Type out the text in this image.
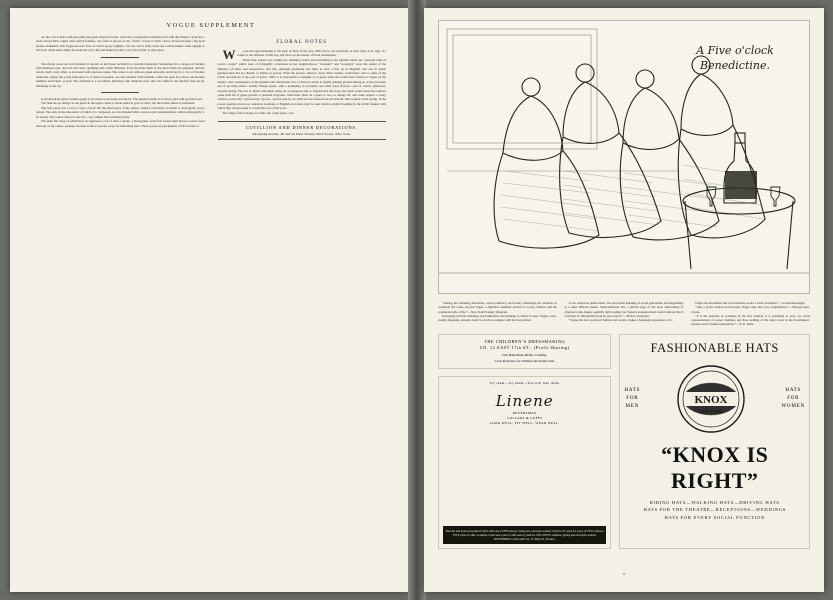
VOGUE SUPPLEMENT

out the coat is lined with pale pink and green striped brocade. A hat that corresponds extremely well with this Empire cloak has a wide curved brim, edged with ostrich feathers, and what is known as the “turtle” crown of black velvet, drawn through a big gold buckle enamelled with forget-me-nots. Ears of velvet project slightly over the velvet brim, brim and ostrich plumes stand upright at the back, while satin strings tie under the rosy chin and make my lady a very fair picture to gaze upon.

She always wears her watch pinned to the left on her breast and held by a jewelled chatelain. Sometimes it is a dragon of chicken with diamond eyes, and tail and claws sparkling with white brilliants. Even the three links of the short chain are gemmed, and the watch, itself a tiny affair, is encrusted with precious stones. The centre is set with sea green emeralds, encircled by a row of flawless diamonds. Again, her costly time-piece is of dark red enamel, one side studded with brilliants, while the open face shows the Roman numbers and hands of gold. The chatelain is a red shield, glittering with diamond stars, that also shine in the fanciful fleur-de-lys finishings at the top.

Gold and silver garter buckles (page 5) are made in every known device. The serpent buckle is of heavy gold with jewelled eyes.

The fleur-de-lys design on the garter in the upper corner is made either in gold or silver, but the former metal is preferable.

The next garter has a rococo clasp of gold. On the small piece of the surface which is left plain, an initial or monogram can be placed. The ends of the silk elastic of which it is composed, are also finished with a narrow gold ornamentation, which adds greatly to its beauty. The round clasp is Louis VI.—very simple but extremely pretty.

The plain flat clasp on which may be engraved a coat of arms, a motto, a monogram, as the fair wearer shall decree, is more used than any of the others, perhaps, because it allows greater scope for individual taste. These goods are purchasable of Howard & Co.

FLORAL NOTES

We are but approximating to the style of dress of the year 1830, but in one particular, at least, there is no sign of a return to the fashions of that day, and that is in the matter of floral adornments.

When June Austen was writing her charming stories and describing in her familiar letters the “pleasant balls of twelve couple” which were of fortnightly occurrence in her neighborhood, “bouquets” and “nosegays” were the extent of the ambition of belles and housewives, and this, although gardening was then, as now, a fine art in England, and one in which gentlewomen did not disdain to dabble in person. What the precise, shrewd, clever little creature would have said to some of the lavish decorations of the year of grace, 1893, is as impossible to imagine as to guess what she would have written to Vogue on the subject. One consequence of the genuine and wholesome love of flowers which is rapidly gaining ground among us, is the prevalent use of growing plants—chiefly foliage plants, with a sprinkling of cyclamen and other waxy flowers—and of course, primroses, towards spring. The fact is, dinner and lunch tables are so gorgeous and so fragrant that the every-day meal would seem bare without some little bit of green growth or pleasant fragrance. Then there must be a plant or two, to change off, and some require a rosary window, in the tiny “green house” grown—and by-and-by we shall see the house-fronts all abloom, like London in the spring. In the poorer quarters even now, wherever Germans or English are found, may be seen window plants blooming in the lavish manner with which they always seem to reward the care of the poor.

The reign of the bouquet, for balls, has come again—not

COTILLION AND DINNER DECORATIONS,
Designing Rooms, 48 and 50 West Twenty-third Street, New York.
A Five o'clock
Benedictine.

“Among the charming debutantes, whose brilliancy and beauty challenged the attention of swelldom last week, was the Vogue, a dignified, authentic journal of society, fashion. and the ceremonial side of life.”—New York Evening Telegram.

In keeping with the daintiness and fashionable surroundings to which it caters, Vogue, a new weekly magazine, presents itself in a form to compete with the best printed

of our American publications. The successful handling of social generalities and happenings is a most difficult matter. Materialization into a printed page of the most entertaining of afternoon talks makes painfully light reading, but Vogue’s announcement would indicate that it will draw its information from its real sources.”—Boston Transcript.

“Vogue, the new journal of fashion and society, makes a handsome appearance. It is

bright and diversified and will doubtless secure a wide circulation.”—Jewish Messenger.

“Like a pretty woman well dressed, Vogue steps into your acquaintance.”—Chicago Inter-Ocean.

“It is the sketches of costumes in the first number, it is gratifying to note, are actual representations of correct fashions, and have nothing of the dreary look of the dressmakers’ models seen in fashion periodicals.”—N. R. Delta.

THE CHILDREN’S DRESSMAKING
CO. 12 EAST 17th ST., (Profit Sharing)
Fine Hand Made Infants’ Clothing.
Coats & Dresses for Children and Young Girls.
Try them—Try them—You will like them.
Linene
REVERSIBLE
COLLARS & CUFFS
LOOK WELL, FIT WELL, WEAR WELL.
The best and most economical COLLARS and CUFFS known, being also and style wanted. Sold for 25 cents for a box of TEN collars or FIVE pairs of cuffs. A sample collar and a pair of cuffs sent by mail for SIX CENTS. Address, giving size and style wanted. REVERSIBLE COLLAR CO., 27 Kilby St., Boston.
FASHIONABLE HATS
HATS
FOR
MEN
KNOX
NEW YORK.
HATS
FOR
WOMEN
“KNOX IS RIGHT”
RIDING HATS—WALKING HATS—DRIVING HATS
HATS FOR THE THEATRE—RECEPTIONS—WEDDINGS
HATS FOR EVERY SOCIAL FUNCTION
11
